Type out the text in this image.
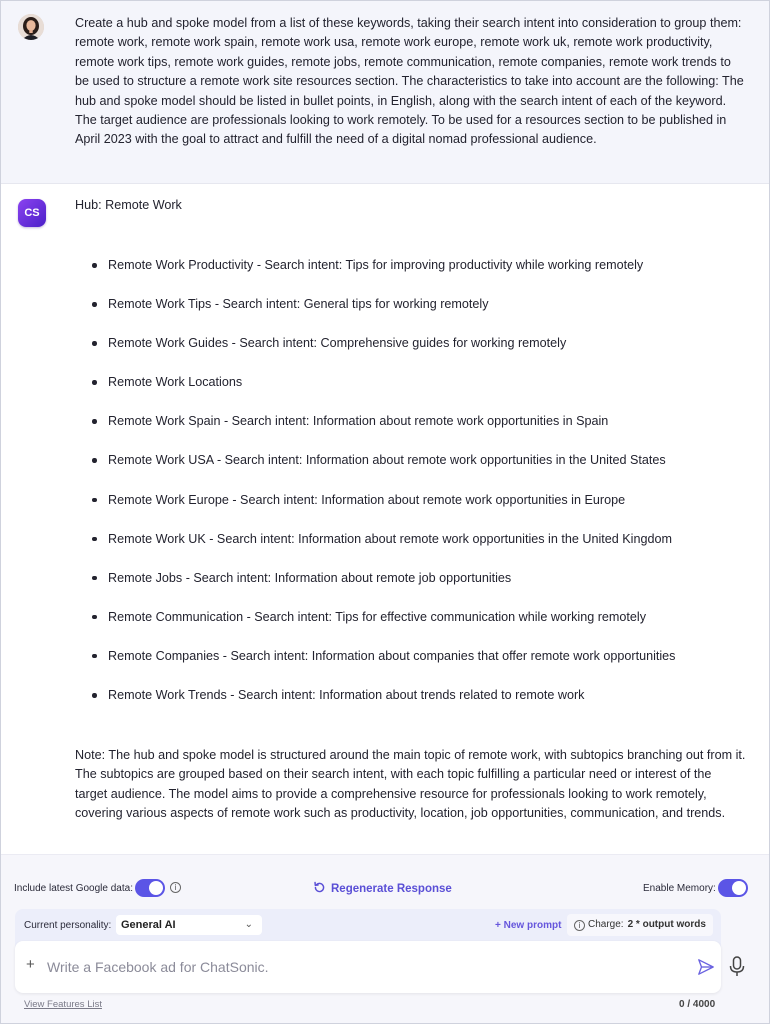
Create a hub and spoke model from a list of these keywords, taking their search intent into consideration to group them: remote work, remote work spain, remote work usa, remote work europe, remote work uk, remote work productivity, remote work tips, remote work guides, remote jobs, remote communication, remote companies, remote work trends to be used to structure a remote work site resources section. The characteristics to take into account are the following: The hub and spoke model should be listed in bullet points, in English, along with the search intent of each of the keyword. The target audience are professionals looking to work remotely. To be used for a resources section to be published in April 2023 with the goal to attract and fulfill the need of a digital nomad professional audience.
CS
Hub: Remote Work
Remote Work Productivity - Search intent: Tips for improving productivity while working remotely
Remote Work Tips - Search intent: General tips for working remotely
Remote Work Guides - Search intent: Comprehensive guides for working remotely
Remote Work Locations
Remote Work Spain - Search intent: Information about remote work opportunities in Spain
Remote Work USA - Search intent: Information about remote work opportunities in the United States
Remote Work Europe - Search intent: Information about remote work opportunities in Europe
Remote Work UK - Search intent: Information about remote work opportunities in the United Kingdom
Remote Jobs - Search intent: Information about remote job opportunities
Remote Communication - Search intent: Tips for effective communication while working remotely
Remote Companies - Search intent: Information about companies that offer remote work opportunities
Remote Work Trends - Search intent: Information about trends related to remote work
Note: The hub and spoke model is structured around the main topic of remote work, with subtopics branching out from it. The subtopics are grouped based on their search intent, with each topic fulfilling a particular need or interest of the target audience. The model aims to provide a comprehensive resource for professionals looking to work remotely, covering various aspects of remote work such as productivity, location, job opportunities, communication, and trends.
Include latest Google data:	i	Regenerate Response	Enable Memory:
Current personality: General AI	⌄	+ New prompt	i Charge: 2 * output words
+
Write a Facebook ad for ChatSonic.
View Features List	0 / 4000
